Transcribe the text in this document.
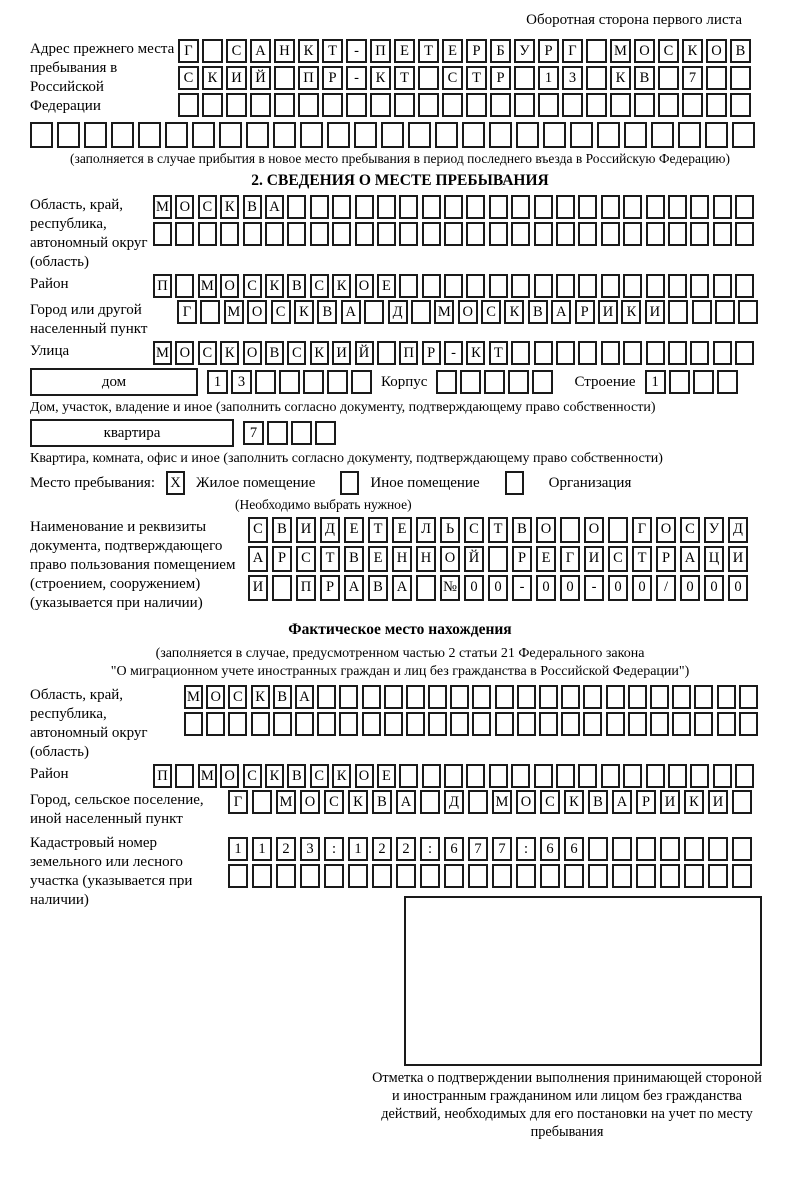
Оборотная сторона первого листа
Адрес прежнего места пребывания в Российской Федерации
Г	С А Н К	Т	-	П Е	Т	Е	Р	Б	У	Р	Г	М О С К О В
С К И Й	П	Р	-	К	Т	С	Т	Р	1	3	К В	7
(заполняется в случае прибытия в новое место пребывания в период последнего въезда в Российскую Федерацию)
2. СВЕДЕНИЯ О МЕСТЕ ПРЕБЫВАНИЯ
Область, край, республика, автономный округ (область)
М О С К В А
Район	П М О С К В С К О Е
Город или другой населенный пункт
Г	М О С К В А	Д	М О С К В А Р И К И
Улица	М О С К О В С К И Й П Р	-	К Т
дом	1	3	Корпус	Строение	1
Дом, участок, владение и иное (заполнить согласно документу, подтверждающему право собственности)
квартира	7
Квартира, комната, офис и иное (заполнить согласно документу, подтверждающему право собственности)
Место пребывания: X Жилое помещение	Иное помещение	Организация
(Необходимо выбрать нужное)
Наименование и реквизиты документа, подтверждающего право пользования помещением (строением, сооружением) (указывается при наличии)
С В И Д	Е	Т	Е	Л	Ь	С	Т	В О	О	Г	О С У Д
А	Р	С	Т	В	Е Н Н О Й	Р	Е	Г	И С	Т	Р	А Ц И
И	П	Р	А В А	№ 0	0	-	0	0	-	0	0	/	0	0	0
Фактическое место нахождения
(заполняется в случае, предусмотренном частью 2 статьи 21 Федерального закона
"О миграционном учете иностранных граждан и лиц без гражданства в Российской Федерации")
Область, край, республика, автономный округ (область)
М О С К В А
Район	П М О С К В С К О Е
Город, сельское поселение, иной населенный пункт
Г	М О С К В А	Д	М О С К В А	Р	И К И
Кадастровый номер земельного или лесного участка (указывается при наличии)
1	1	2	3	:	1	2	2	:	6	7	7	:	6	6
Отметка о подтверждении выполнения принимающей стороной и иностранным гражданином или лицом без гражданства действий, необходимых для его постановки на учет по месту пребывания
